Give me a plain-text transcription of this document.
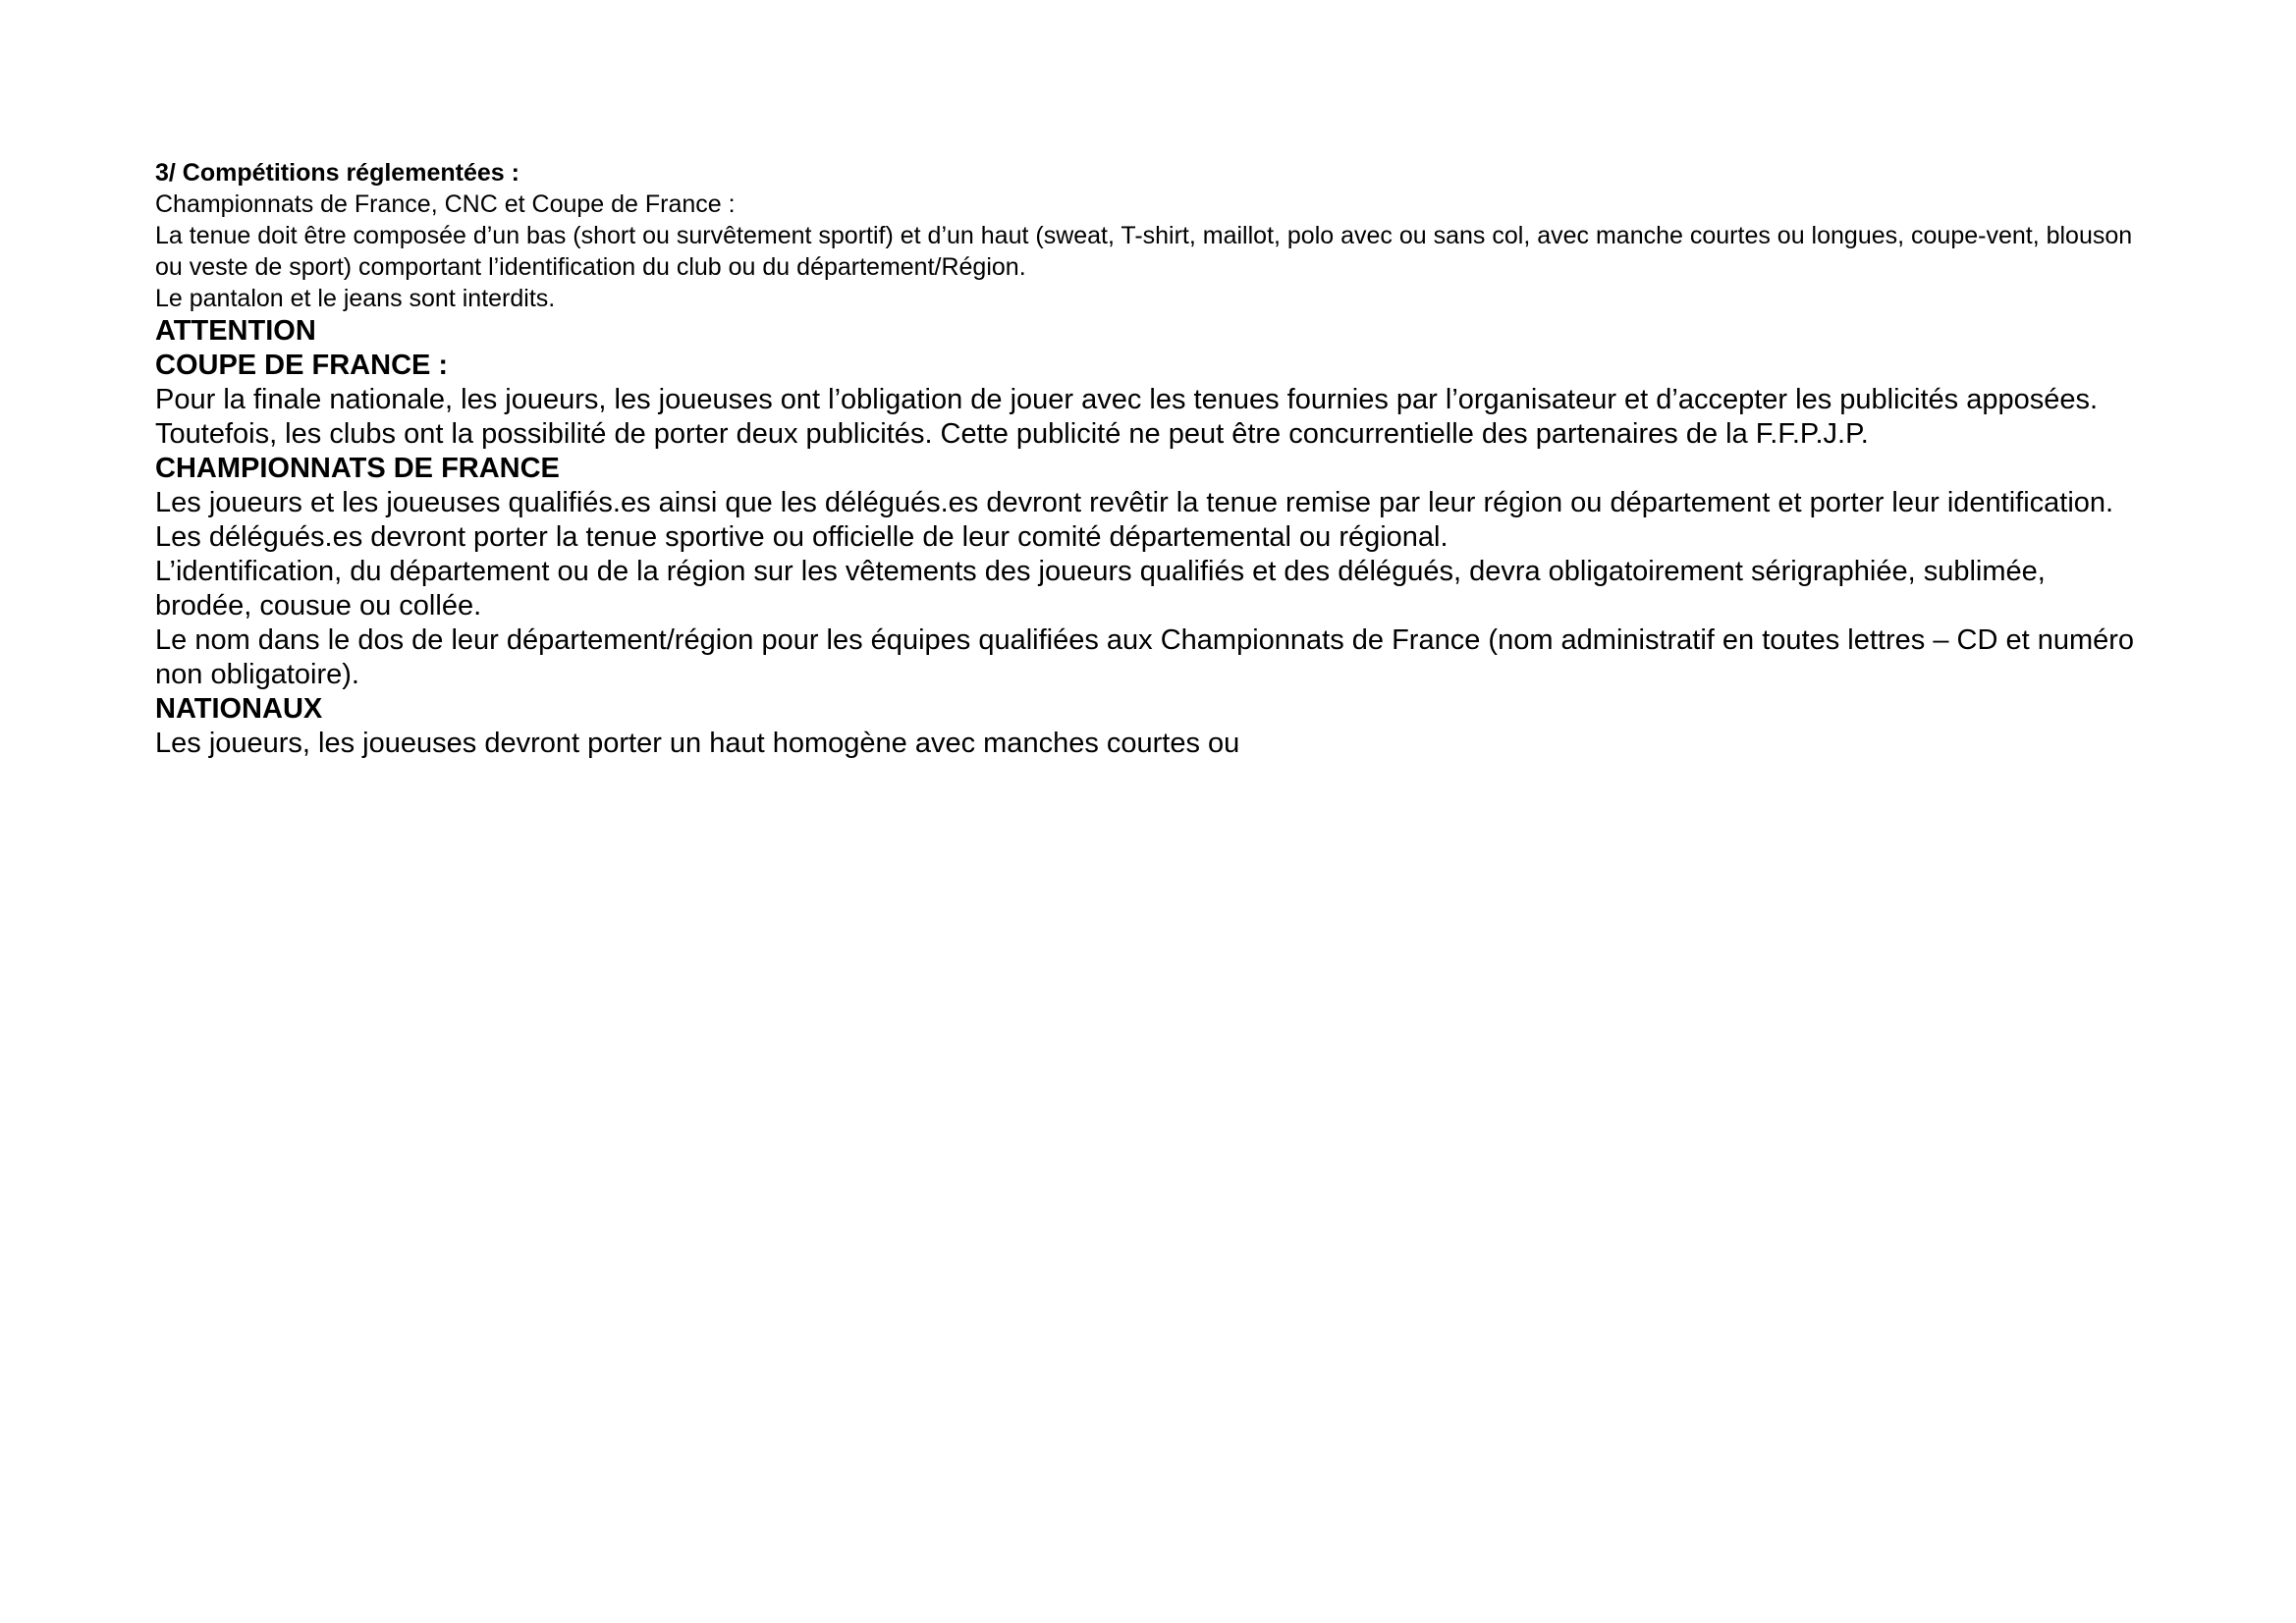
3/ Compétitions réglementées :

Championnats de France, CNC et Coupe de France :

La tenue doit être composée d’un bas (short ou survêtement sportif) et d’un haut (sweat, T-shirt, maillot, polo avec ou sans col, avec manche courtes ou longues, coupe-vent, blouson ou veste de sport) comportant l’identification du club ou du département/Région.

Le pantalon et le jeans sont interdits.

ATTENTION

COUPE DE FRANCE :

Pour la finale nationale, les joueurs, les joueuses ont l’obligation de jouer avec les tenues fournies par l’organisateur et d’accepter les publicités apposées. Toutefois, les clubs ont la possibilité de porter deux publicités. Cette publicité ne peut être concurrentielle des partenaires de la F.F.P.J.P.

CHAMPIONNATS DE FRANCE

Les joueurs et les joueuses qualifiés.es ainsi que les délégués.es devront revêtir la tenue remise par leur région ou département et porter leur identification. Les délégués.es devront porter la tenue sportive ou officielle de leur comité départemental ou régional.

L’identification, du département ou de la région sur les vêtements des joueurs qualifiés et des délégués, devra obligatoirement sérigraphiée, sublimée, brodée, cousue ou collée.

Le nom dans le dos de leur département/région pour les équipes qualifiées aux Championnats de France (nom administratif en toutes lettres – CD et numéro non obligatoire).

NATIONAUX

Les joueurs, les joueuses devront porter un haut homogène avec manches courtes ou
